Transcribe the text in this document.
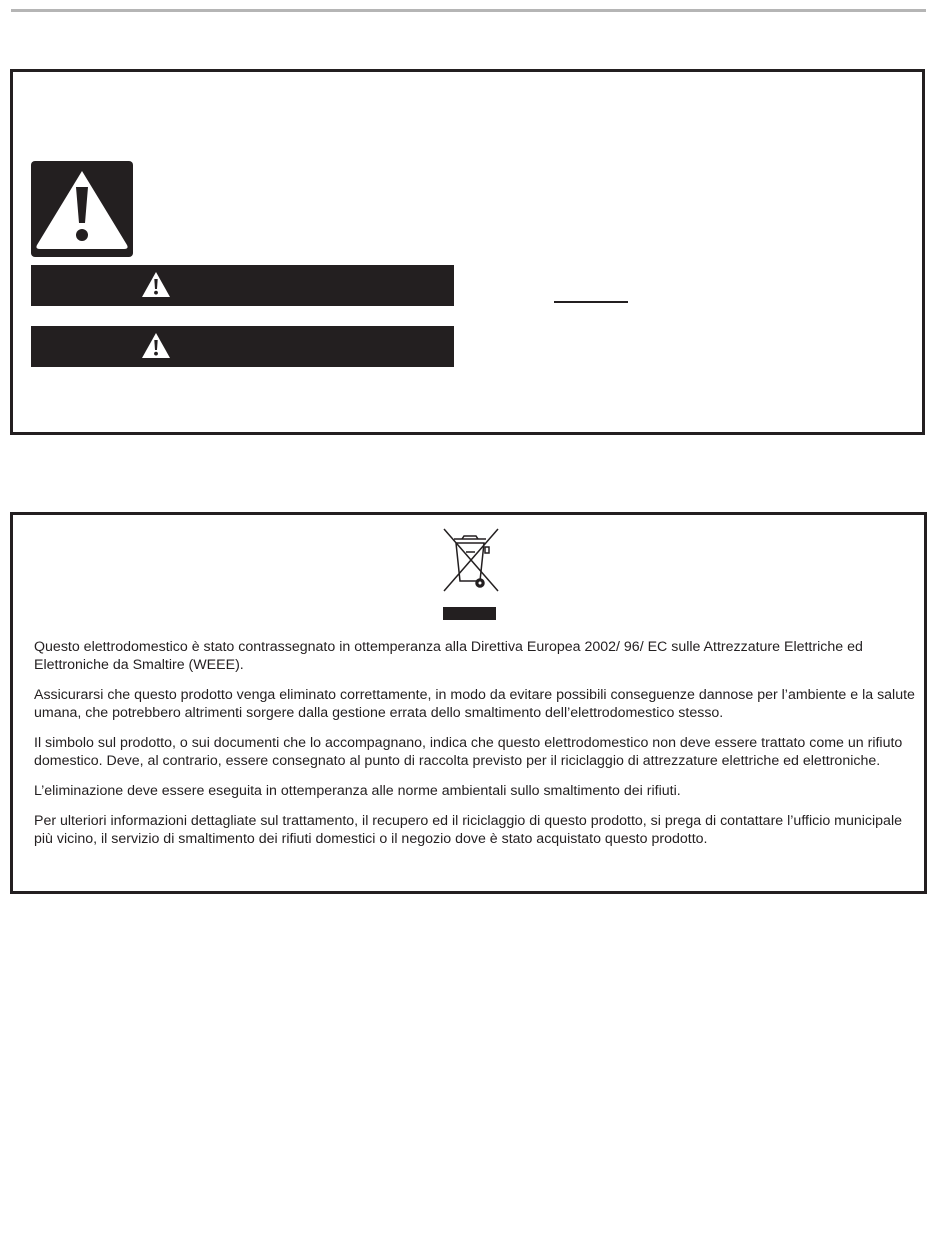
Questo elettrodomestico è stato contrassegnato in ottemperanza alla Direttiva Europea 2002/ 96/ EC sulle Attrezzature Elettriche ed Elettroniche da Smaltire (WEEE).

Assicurarsi che questo prodotto venga eliminato correttamente, in modo da evitare possibili conseguenze dannose per l’ambiente e la salute umana, che potrebbero altrimenti sorgere dalla gestione errata dello smaltimento dell’elettrodomestico stesso.

Il simbolo sul prodotto, o sui documenti che lo accompagnano, indica che questo elettrodomestico non deve essere trattato come un rifiuto domestico. Deve, al contrario, essere consegnato al punto di raccolta previsto per il riciclaggio di attrezzature elettriche ed elettroniche.

L’eliminazione deve essere eseguita in ottemperanza alle norme ambientali sullo smaltimento dei rifiuti.

Per ulteriori informazioni dettagliate sul trattamento, il recupero ed il riciclaggio di questo prodotto, si prega di contattare l’ufficio municipale più vicino, il servizio di smaltimento dei rifiuti domestici o il negozio dove è stato acquistato questo prodotto.
